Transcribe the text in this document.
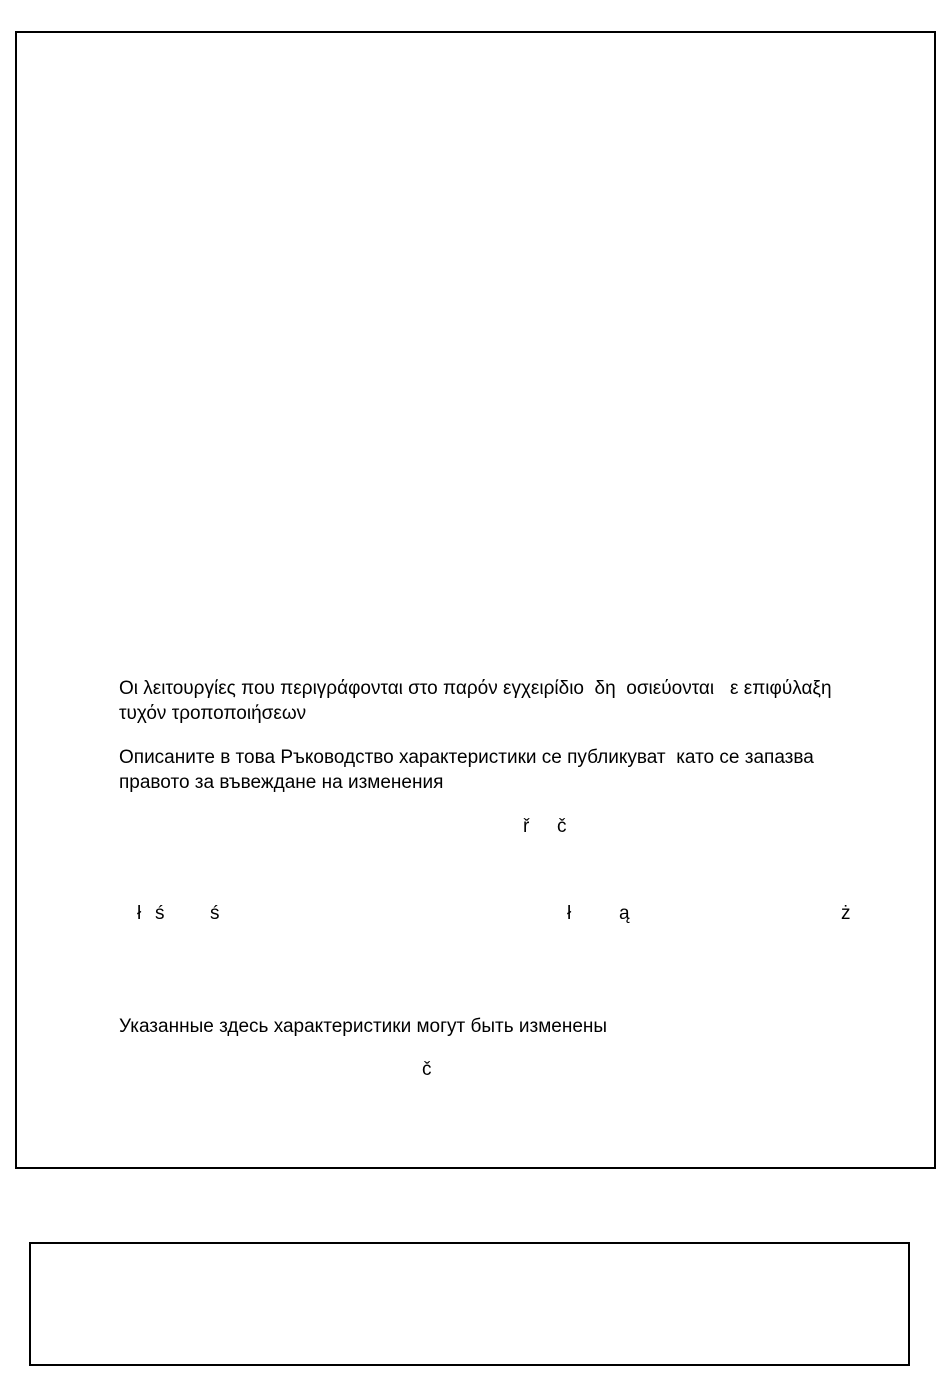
Οι λειτουργίες που περιγράφονται στο παρόν εγχειρίδιο  δη  οσιεύονται   ε επιφύλαξη

τυχόν τροποποιήσεων

Описаните в това Ръководство характеристики се публикуват  като се запазва

правото за въвеждане на изменения

ř č
ł ś ś	ł	ą	ż

Указанные здесь характеристики могут быть изменены

č
